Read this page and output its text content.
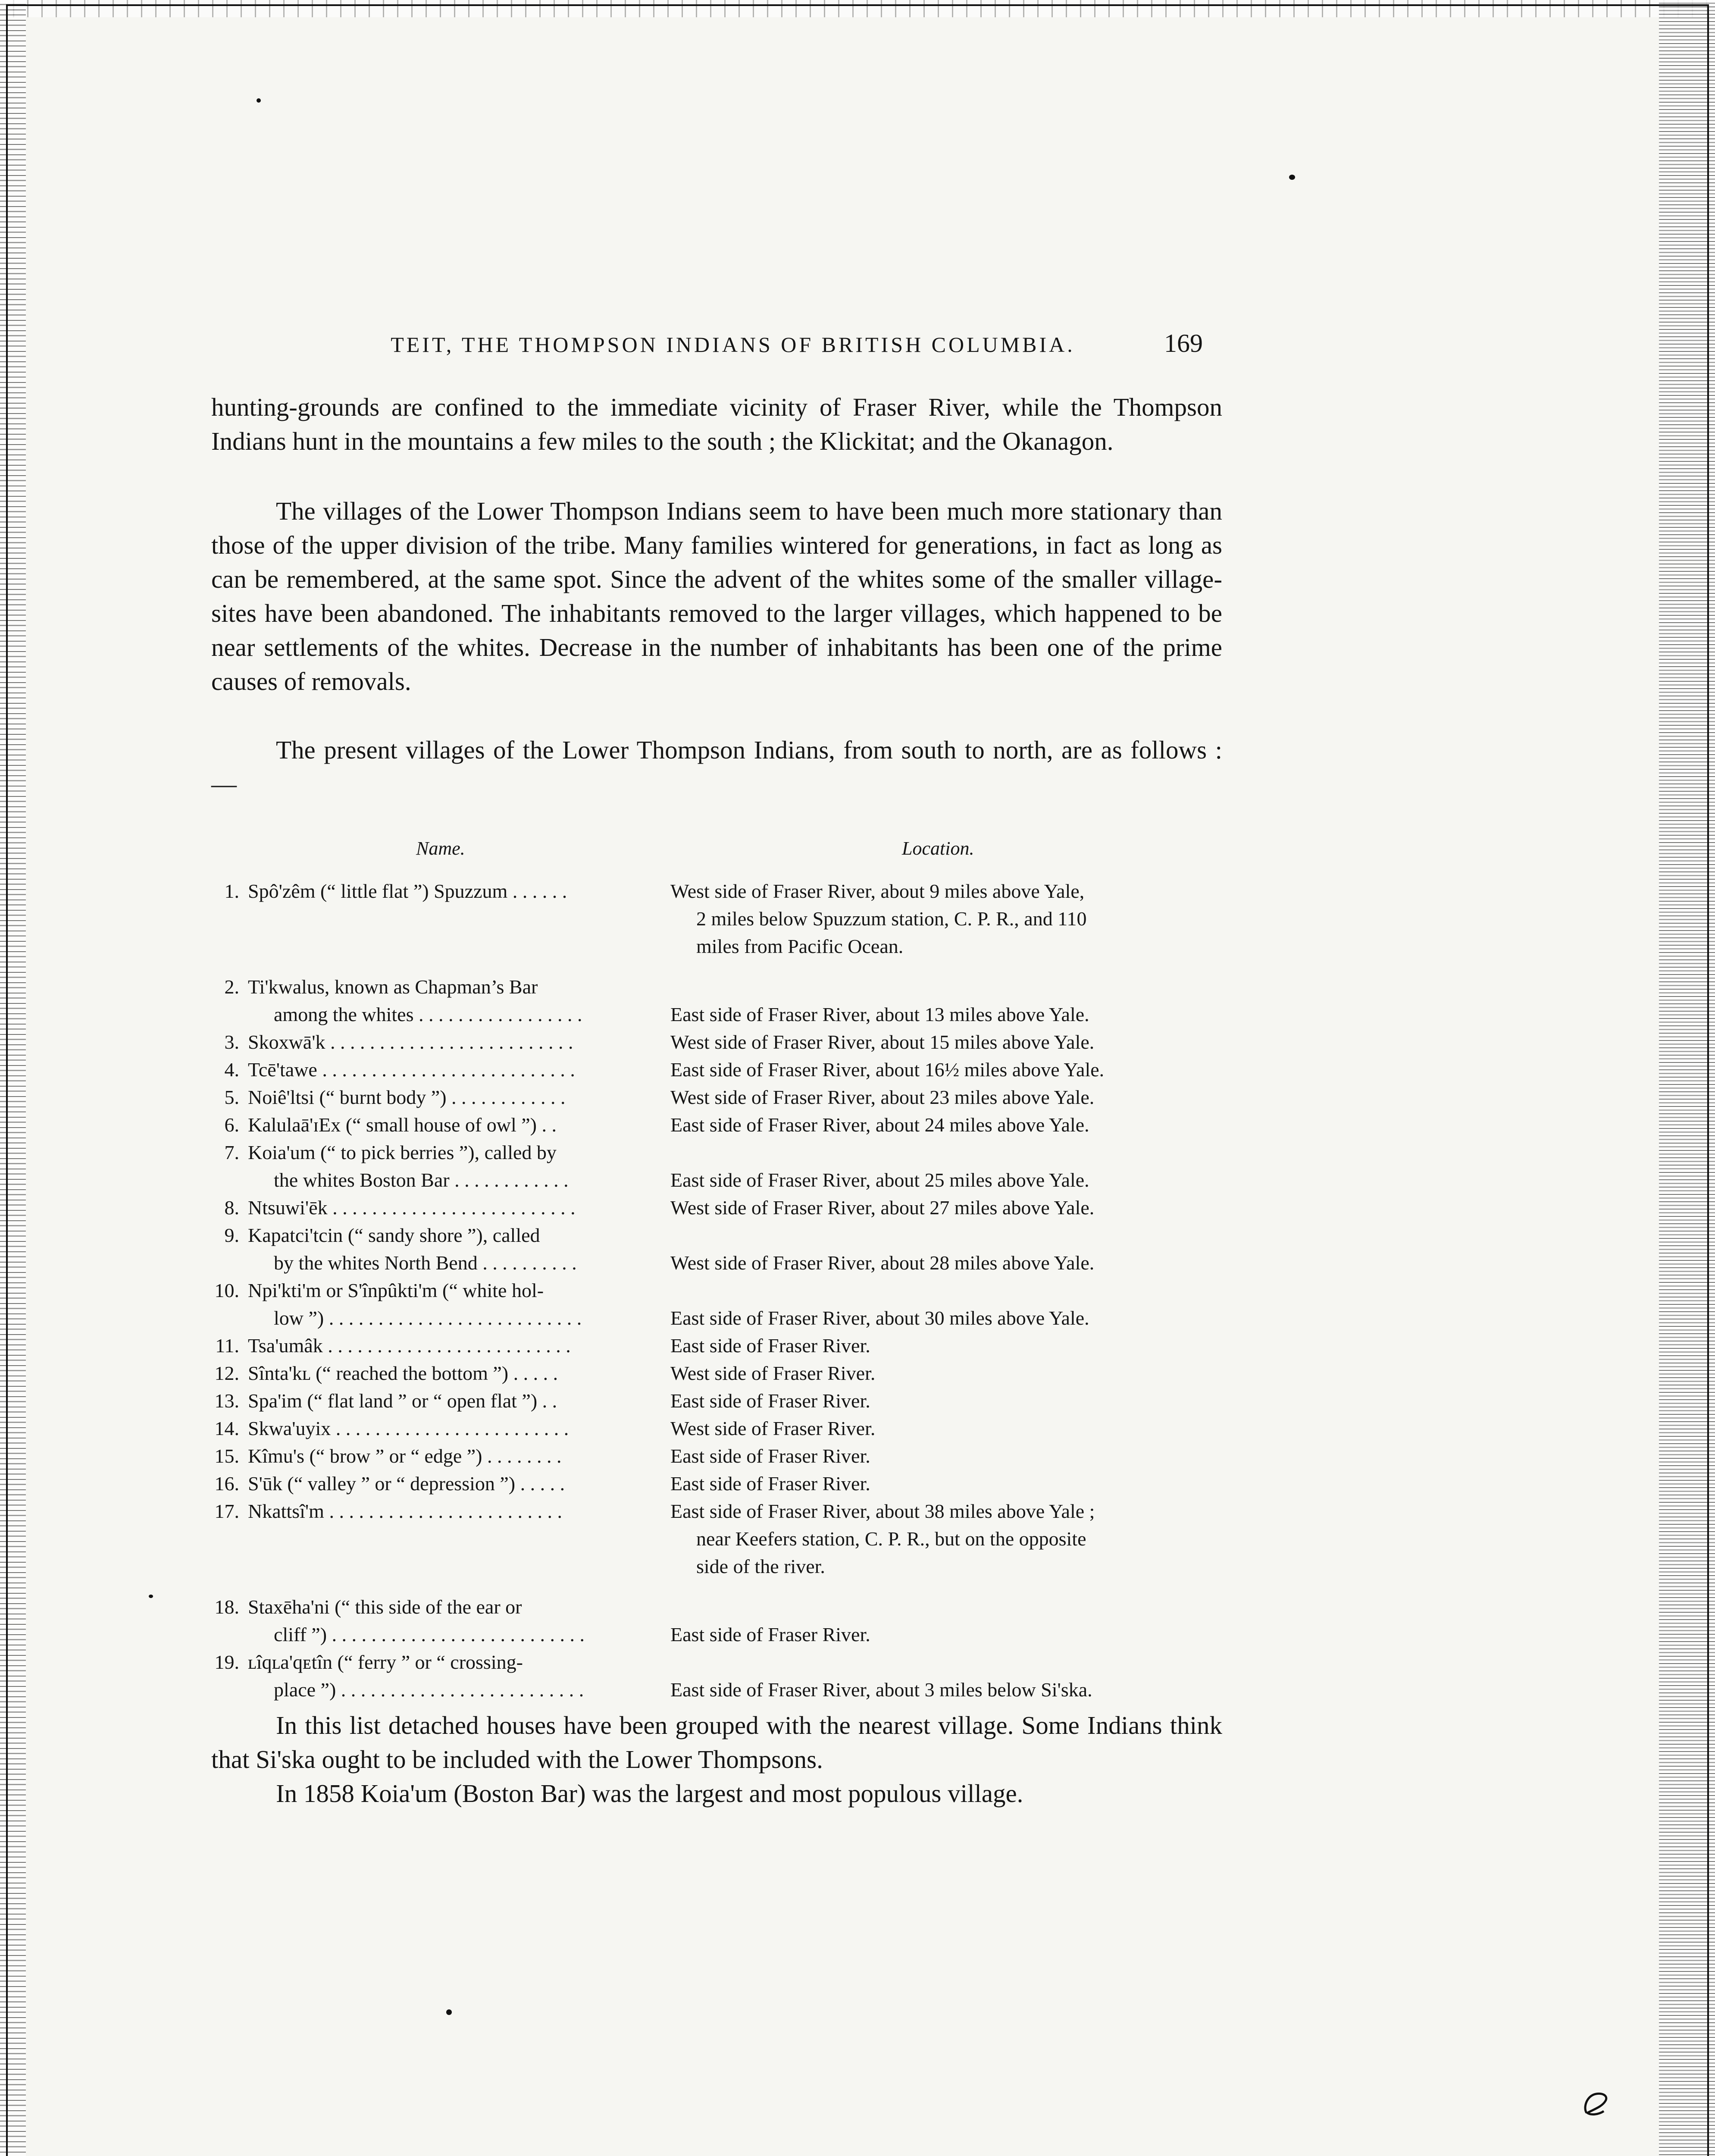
TEIT, THE THOMPSON INDIANS OF BRITISH COLUMBIA.	169

hunting-grounds are confined to the immediate vicinity of Fraser River, while the Thompson Indians hunt in the mountains a few miles to the south ; the Klickitat; and the Okanagon.

The villages of the Lower Thompson Indians seem to have been much more stationary than those of the upper division of the tribe. Many families wintered for generations, in fact as long as can be remembered, at the same spot. Since the advent of the whites some of the smaller village-sites have been abandoned. The inhabitants removed to the larger villages, which happened to be near settlements of the whites. Decrease in the number of inhabitants has been one of the prime causes of removals.

The present villages of the Lower Thompson Indians, from south to north, are as follows : —

Name.	Location.
1. Spô'zêm (“ little flat ”) Spuzzum . . . . . .	West side of Fraser River, about 9 miles above Yale,
2 miles below Spuzzum station, C. P. R., and 110
miles from Pacific Ocean.
2. Ti'kwalus, known as Chapman’s Bar
among the whites . . . . . . . . . . . . . . . . .
	East side of Fraser River, about 13 miles above Yale.
3. Skoxwā'k . . . . . . . . . . . . . . . . . . . . . . . . .	West side of Fraser River, about 15 miles above Yale.
4. Tcē'tawe . . . . . . . . . . . . . . . . . . . . . . . . . .	East side of Fraser River, about 16½ miles above Yale.
5. Noiê'ltsi (“ burnt body ”) . . . . . . . . . . . .	West side of Fraser River, about 23 miles above Yale.
6. Kalulaā'ɪEx (“ small house of owl ”) . .	East side of Fraser River, about 24 miles above Yale.
7. Koia'um (“ to pick berries ”), called by
the whites Boston Bar . . . . . . . . . . . .
	East side of Fraser River, about 25 miles above Yale.
8. Ntsuwi'ēk . . . . . . . . . . . . . . . . . . . . . . . . .	West side of Fraser River, about 27 miles above Yale.
9. Kapatci'tcin (“ sandy shore ”), called
by the whites North Bend . . . . . . . . . .
	West side of Fraser River, about 28 miles above Yale.
10. Npi'kti'm or S'înpûkti'm (“ white hol-
low ”) . . . . . . . . . . . . . . . . . . . . . . . . . .
	East side of Fraser River, about 30 miles above Yale.
11. Tsa'umâk . . . . . . . . . . . . . . . . . . . . . . . . .	East side of Fraser River.
12. Sînta'kʟ (“ reached the bottom ”) . . . . .	West side of Fraser River.
13. Spa'im (“ flat land ” or “ open flat ”) . .	East side of Fraser River.
14. Skwa'uyix . . . . . . . . . . . . . . . . . . . . . . . .	West side of Fraser River.
15. Kîmu's (“ brow ” or “ edge ”) . . . . . . . .	East side of Fraser River.
16. S'ūk (“ valley ” or “ depression ”) . . . . .	East side of Fraser River.
17. Nkattsî'm . . . . . . . . . . . . . . . . . . . . . . . .	East side of Fraser River, about 38 miles above Yale ;
near Keefers station, C. P. R., but on the opposite
side of the river.
18. Staxēha'ni (“ this side of the ear or
cliff ”) . . . . . . . . . . . . . . . . . . . . . . . . . .
	East side of Fraser River.
19. ʟîqʟa'qᴇtîn (“ ferry ” or “ crossing-
place ”) . . . . . . . . . . . . . . . . . . . . . . . . .
	East side of Fraser River, about 3 miles below Si'ska.
In this list detached houses have been grouped with the nearest village. Some Indians think that Si'ska ought to be included with the Lower Thompsons.
In 1858 Koia'um (Boston Bar) was the largest and most populous village.
